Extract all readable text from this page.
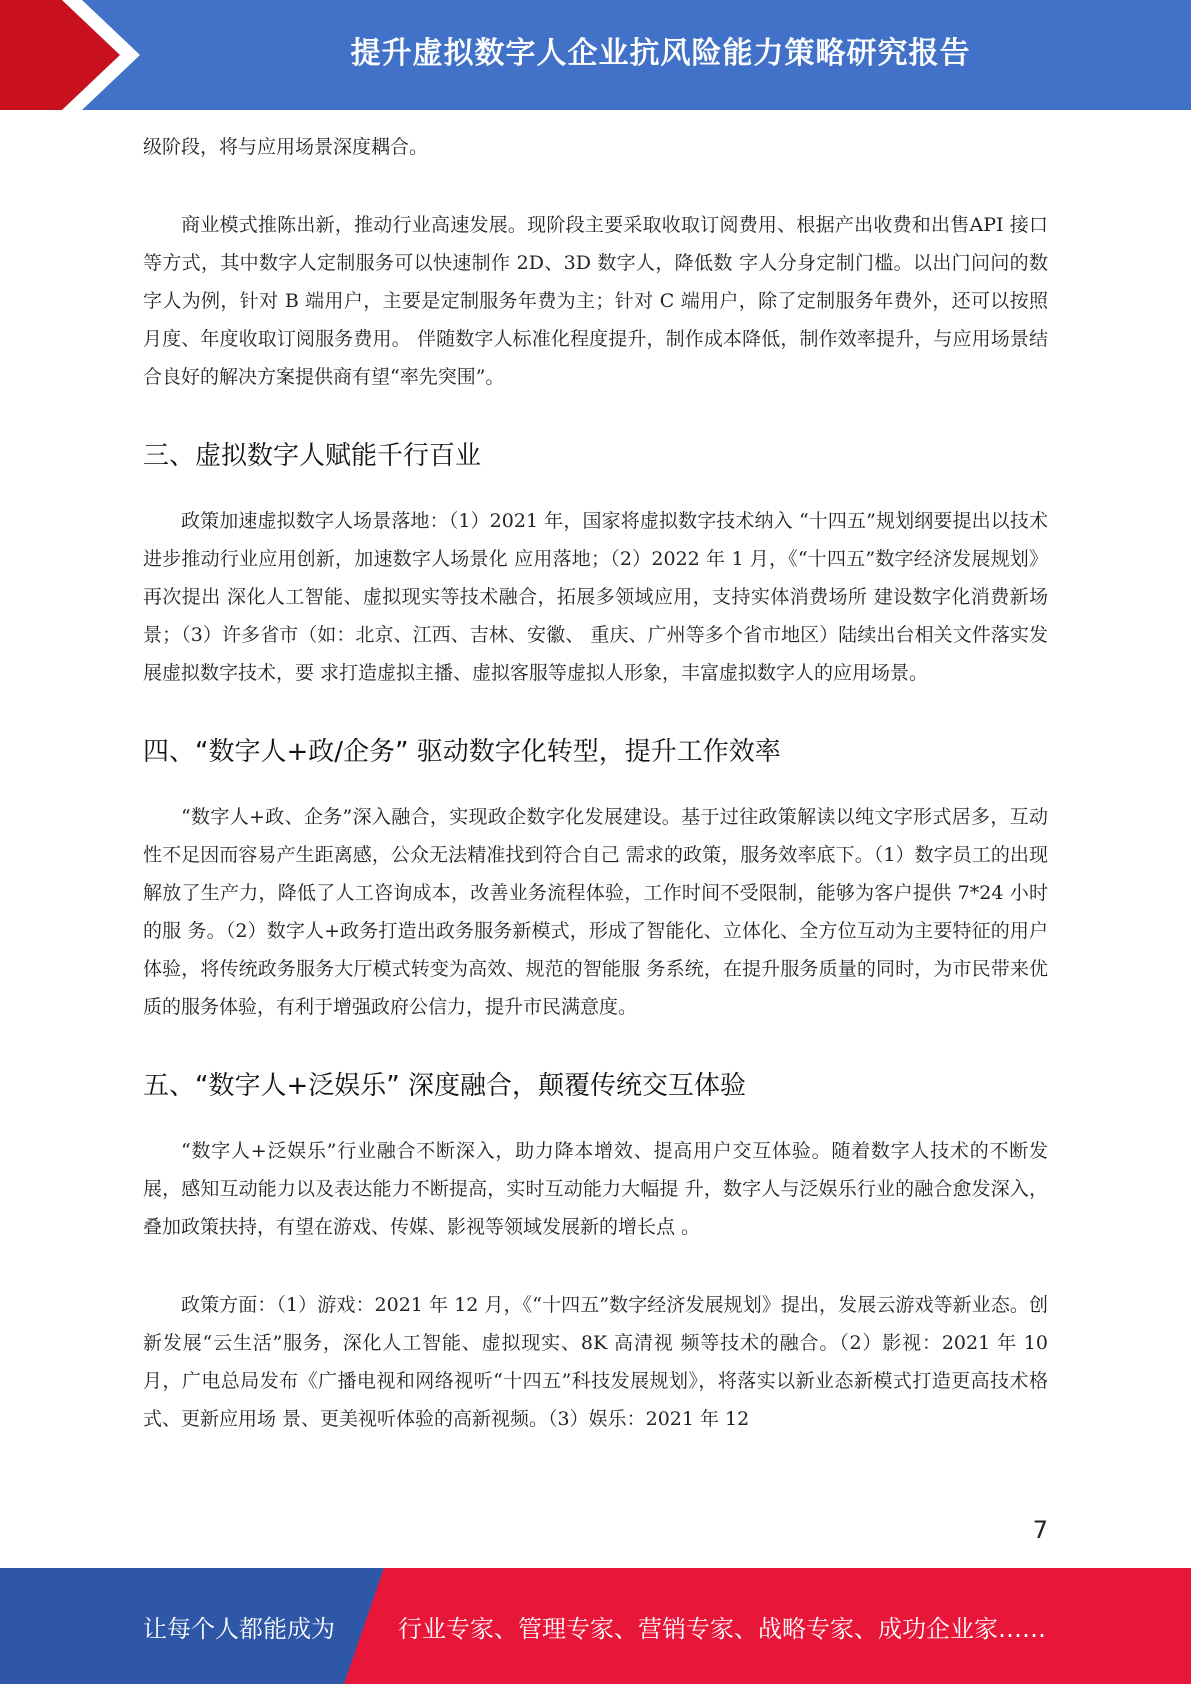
提升虚拟数字人企业抗风险能力策略研究报告

级阶段，将与应用场景深度耦合。

商业模式推陈出新，推动行业高速发展。现阶段主要采取收取订阅费用、根据产出收费和出售API 接口等方式，其中数字人定制服务可以快速制作 2D、3D 数字人，降低数 字人分身定制门槛。以出门问问的数字人为例，针对 B 端用户，主要是定制服务年费为主；针对 C 端用户，除了定制服务年费外，还可以按照月度、年度收取订阅服务费用。 伴随数字人标准化程度提升，制作成本降低，制作效率提升，与应用场景结合良好的解决方案提供商有望“率先突围”。

三、虚拟数字人赋能千行百业

政策加速虚拟数字人场景落地：（1）2021 年，国家将虚拟数字技术纳入 “十四五”规划纲要提出以技术进步推动行业应用创新，加速数字人场景化 应用落地；（2）2022 年 1 月，《“十四五”数字经济发展规划》再次提出 深化人工智能、虚拟现实等技术融合，拓展多领域应用，支持实体消费场所 建设数字化消费新场景；（3）许多省市（如：北京、江西、吉林、安徽、 重庆、广州等多个省市地区）陆续出台相关文件落实发展虚拟数字技术，要 求打造虚拟主播、虚拟客服等虚拟人形象，丰富虚拟数字人的应用场景。

四、“数字人+政/企务” 驱动数字化转型，提升工作效率

“数字人+政、企务”深入融合，实现政企数字化发展建设。基于过往政策解读以纯文字形式居多，互动性不足因而容易产生距离感，公众无法精准找到符合自己 需求的政策，服务效率底下。（1）数字员工的出现解放了生产力，降低了人工咨询成本，改善业务流程体验，工作时间不受限制，能够为客户提供 7*24 小时的服 务。（2）数字人+政务打造出政务服务新模式，形成了智能化、立体化、全方位互动为主要特征的用户体验，将传统政务服务大厅模式转变为高效、规范的智能服 务系统，在提升服务质量的同时，为市民带来优质的服务体验，有利于增强政府公信力，提升市民满意度。

五、“数字人+泛娱乐” 深度融合，颠覆传统交互体验

“数字人+泛娱乐”行业融合不断深入，助力降本增效、提高用户交互体验。随着数字人技术的不断发展，感知互动能力以及表达能力不断提高，实时互动能力大幅提 升，数字人与泛娱乐行业的融合愈发深入，叠加政策扶持，有望在游戏、传媒、影视等领域发展新的增长点 。

政策方面：（1）游戏：2021 年 12 月，《“十四五”数字经济发展规划》提出，发展云游戏等新业态。创新发展“云生活”服务，深化人工智能、虚拟现实、8K 高清视 频等技术的融合。（2）影视：2021 年 10 月，广电总局发布《广播电视和网络视听“十四五”科技发展规划》，将落实以新业态新模式打造更高技术格式、更新应用场 景、更美视听体验的高新视频。（3）娱乐：2021 年 12

7
让每个人都能成为	行业专家、管理专家、营销专家、战略专家、成功企业家……
